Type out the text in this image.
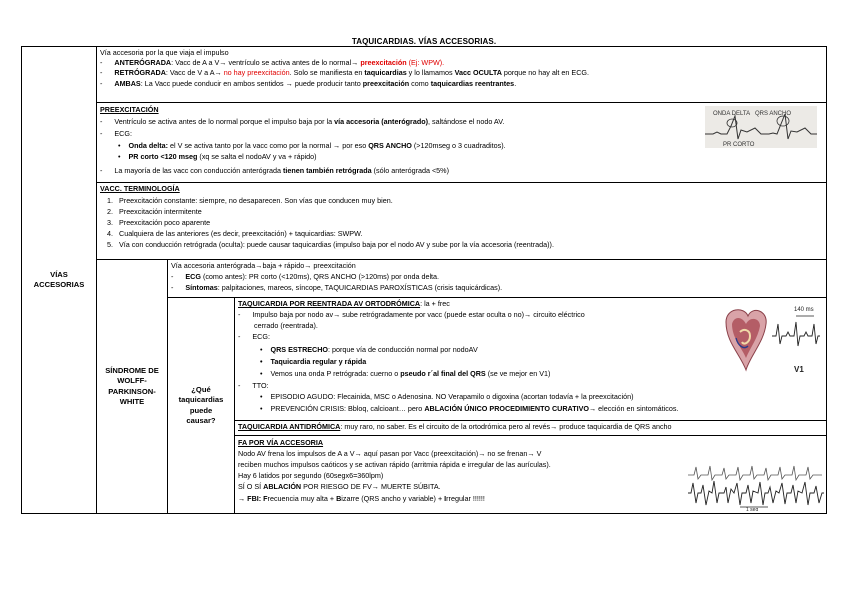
TAQUICARDIAS. VÍAS ACCESORIAS.
VÍAS ACCESORIAS
Vía accesoria por la que viaja el impulso
-      ANTERÓGRADA: Vacc de A a V→ ventrículo se activa antes de lo normal→ preexcitación (Ej: WPW).
-      RETRÓGRADA: Vacc de V a A→ no hay preexcitación. Solo se manifiesta en taquicardias y lo llamamos Vacc OCULTA porque no hay alt en ECG.
-      AMBAS: La Vacc puede conducir en ambos sentidos → puede producir tanto preexcitación como taquicardias reentrantes.
PREEXCITACIÓN
-      Ventrículo se activa antes de lo normal porque el impulso baja por la vía accesoria (anterógrado), saltándose el nodo AV.
-      ECG:
•    Onda delta: el V se activa tanto por la vacc como por la normal → por eso QRS ANCHO (>120mseg o 3 cuadraditos).
•    PR corto <120 mseg (xq se salta el nodoAV y va + rápido)
-      La mayoría de las vacc con conducción anterógrada tienen también retrógrada (sólo anterógrada <5%)
ONDA DELTA QRS ANCHO
PR CORTO
VACC. TERMINOLOGÍA
1. Preexcitación constante: siempre, no desaparecen. Son vías que conducen muy bien.
2. Preexcitación intermitente
3. Preexcitación poco aparente
4. Cualquiera de las anteriores (es decir, preexcitación) + taquicardias: SWPW.
5. Vía con conducción retrógrada (oculta): puede causar taquicardias (impulso baja por el nodo AV y sube por la vía accesoria (reentrada)).
SÍNDROME DE WOLFF-PARKINSON-WHITE
Vía accesoria anterógrada→baja + rápido→ preexcitación
-      ECG (como antes): PR corto (<120ms), QRS ANCHO (>120ms) por onda delta.
-      Síntomas: palpitaciones, mareos, síncope, TAQUICARDIAS PAROXÍSTICAS (crisis taquicárdicas).
¿Qué taquicardias puede causar?
TAQUICARDIA POR REENTRADA AV ORTODRÓMICA: la + frec
-      Impulso baja por nodo av→ sube retrógradamente por vacc (puede estar oculta o no)→ circuito eléctrico
cerrado (reentrada).
-      ECG:
•    QRS ESTRECHO: porque vía de conducción normal por nodoAV
•    Taquicardia regular y rápida
•    Vemos una onda P retrógrada: cuerno o pseudo r´al final del QRS (se ve mejor en V1)
-      TTO:
•    EPISODIO AGUDO: Flecainida, MSC o Adenosina. NO Verapamilo o digoxina (acortan todavía + la preexcitación)
•    PREVENCIÓN CRISIS: Bbloq, calcioant… pero ABLACIÓN ÚNICO PROCEDIMIENTO CURATIVO→ elección en sintomáticos.
140 ms
V1
TAQUICARDIA ANTIDRÓMICA: muy raro, no saber. Es el circuito de la ortodrómica pero al revés→ produce taquicardia de QRS ancho
FA POR VÍA ACCESORIA
Nodo AV frena los impulsos de A a V→ aquí pasan por Vacc (preexcitación)→ no se frenan→ V
reciben muchos impulsos caóticos y se activan rápido (arritmia rápida e irregular de las aurículas).
Hay 6 latidos por segundo (60segx6=360lpm)
SÍ O SÍ ABLACIÓN POR RIESGO DE FV→ MUERTE SÚBITA.
→ FBI: Frecuencia muy alta + Bizarre (QRS ancho y variable) + Irregular !!!!!!
1 seg
